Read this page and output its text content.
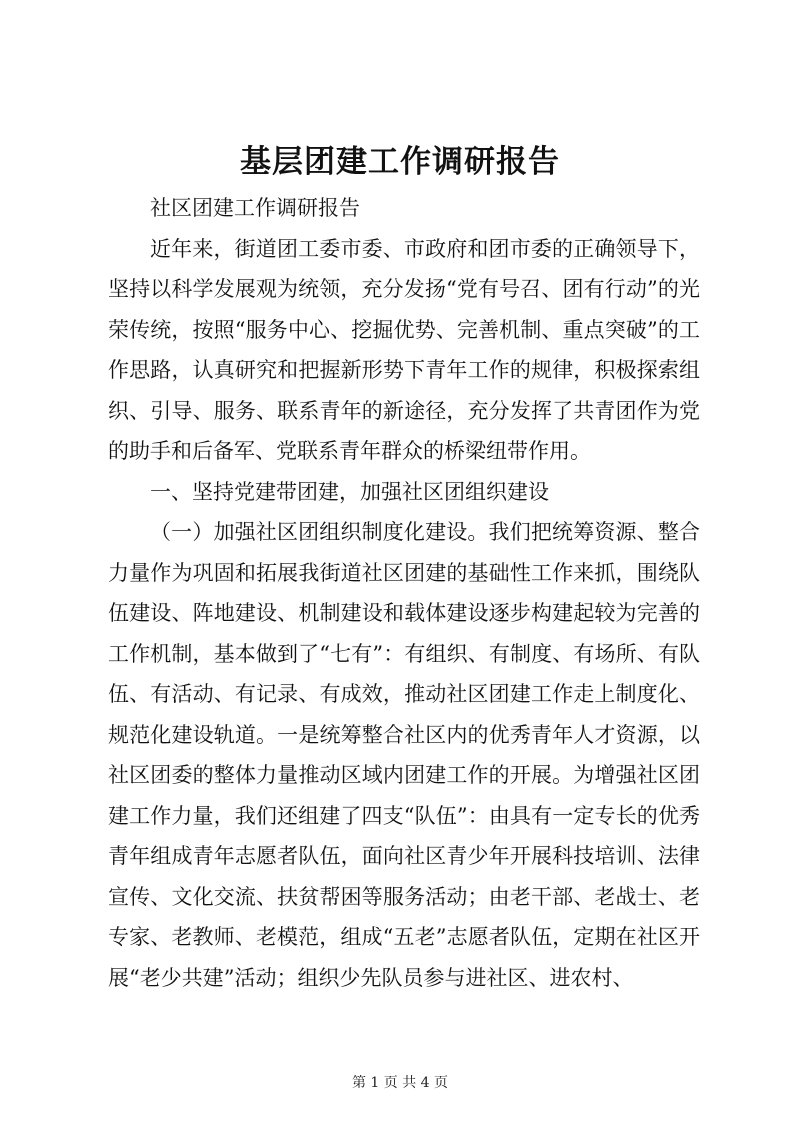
基层团建工作调研报告

社区团建工作调研报告

近年来，街道团工委市委、市政府和团市委的正确领导下，坚持以科学发展观为统领，充分发扬“党有号召、团有行动”的光荣传统，按照“服务中心、挖掘优势、完善机制、重点突破”的工作思路，认真研究和把握新形势下青年工作的规律，积极探索组织、引导、服务、联系青年的新途径，充分发挥了共青团作为党的助手和后备军、党联系青年群众的桥梁纽带作用。

一、坚持党建带团建，加强社区团组织建设

（一）加强社区团组织制度化建设。我们把统筹资源、整合力量作为巩固和拓展我街道社区团建的基础性工作来抓，围绕队伍建设、阵地建设、机制建设和载体建设逐步构建起较为完善的工作机制，基本做到了“七有”：有组织、有制度、有场所、有队伍、有活动、有记录、有成效，推动社区团建工作走上制度化、规范化建设轨道。一是统筹整合社区内的优秀青年人才资源，以社区团委的整体力量推动区域内团建工作的开展。为增强社区团建工作力量，我们还组建了四支“队伍”：由具有一定专长的优秀青年组成青年志愿者队伍，面向社区青少年开展科技培训、法律宣传、文化交流、扶贫帮困等服务活动；由老干部、老战士、老专家、老教师、老模范，组成“五老”志愿者队伍，定期在社区开展“老少共建”活动；组织少先队员参与进社区、进农村、

第 1 页 共 4 页
